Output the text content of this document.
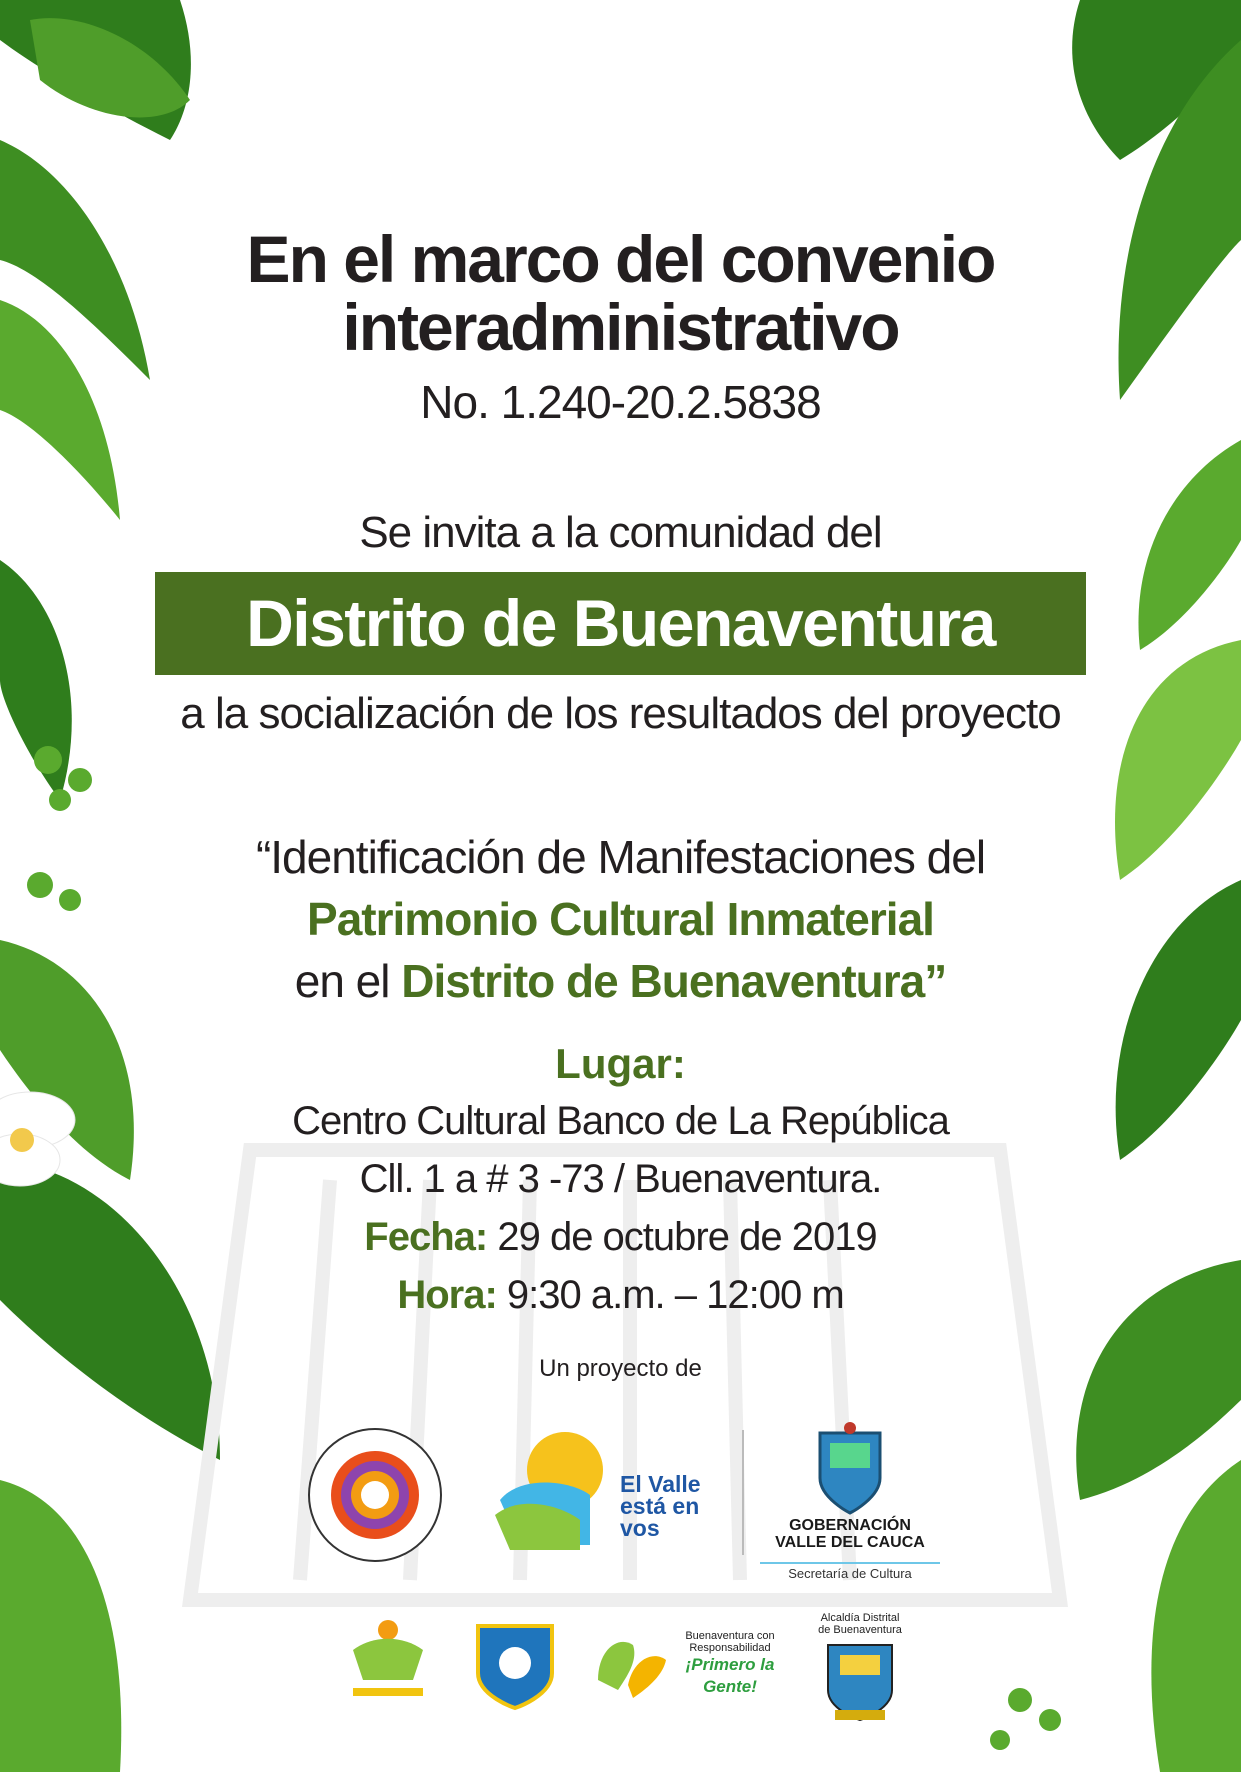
En el marco del convenio
interadministrativo
No. 1.240-20.2.5838
Se invita a la comunidad del
Distrito de Buenaventura
a la socialización de los resultados del proyecto
“Identificación de Manifestaciones del
Patrimonio Cultural Inmaterial
en el Distrito de Buenaventura”
Lugar:
Centro Cultural Banco de La República
Cll. 1 a # 3 -73 / Buenaventura.
Fecha: 29 de octubre de 2019
Hora: 9:30 a.m. – 12:00 m
Un proyecto de
El Valle
está en
vos	GOBERNACIÓN
VALLE DEL CAUCA
Secretaría de Cultura
Buenaventura con
Responsabilidad
¡Primero la Gente!
Alcaldía Distrital
de Buenaventura
